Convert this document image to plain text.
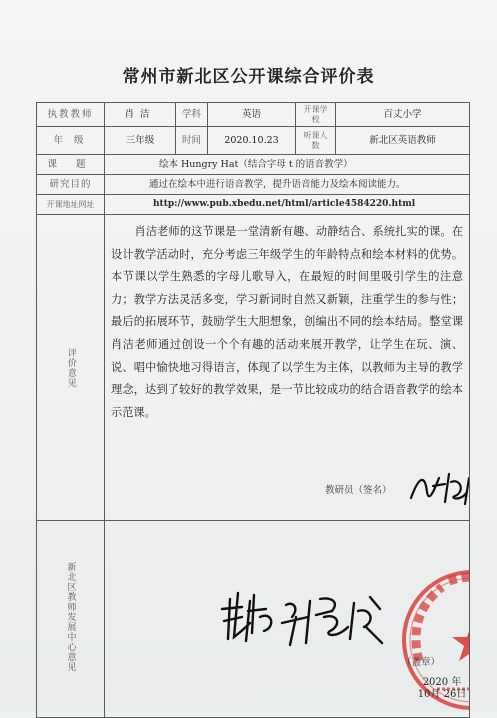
常州市新北区公开课综合评价表
执教教师	肖洁	学科	英语	开课学校	百丈小学
年 级	三年级	时间	2020.10.23	听课人数	新北区英语教师
课 题	绘本 Hungry Hat（结合字母 t 的语音教学）				
研究目的	通过在绘本中进行语音教学，提升语音能力及绘本阅读能力。				
开课地址网址	http://www.pub.xbedu.net/html/article4584220.html				

评价意见	肖洁老师的这节课是一堂清新有趣、动静结合、系统扎实的课。在设计教学活动时，充分考虑三年级学生的年龄特点和绘本材料的优势。本节课以学生熟悉的字母儿歌导入，在最短的时间里吸引学生的注意力；教学方法灵活多变，学习新词时自然又新颖，注重学生的参与性；最后的拓展环节，鼓励学生大胆想象，创编出不同的绘本结局。整堂课肖洁老师通过创设一个个有趣的活动来展开教学，让学生在玩、演、说、唱中愉快地习得语言，体现了以学生为主体，以教师为主导的教学理念，达到了较好的教学效果，是一节比较成功的结合语音教学的绘本示范课。
教研员（签名）				

新北区教师发展中心意见	（盖章）
2020 年 10月 26日				
